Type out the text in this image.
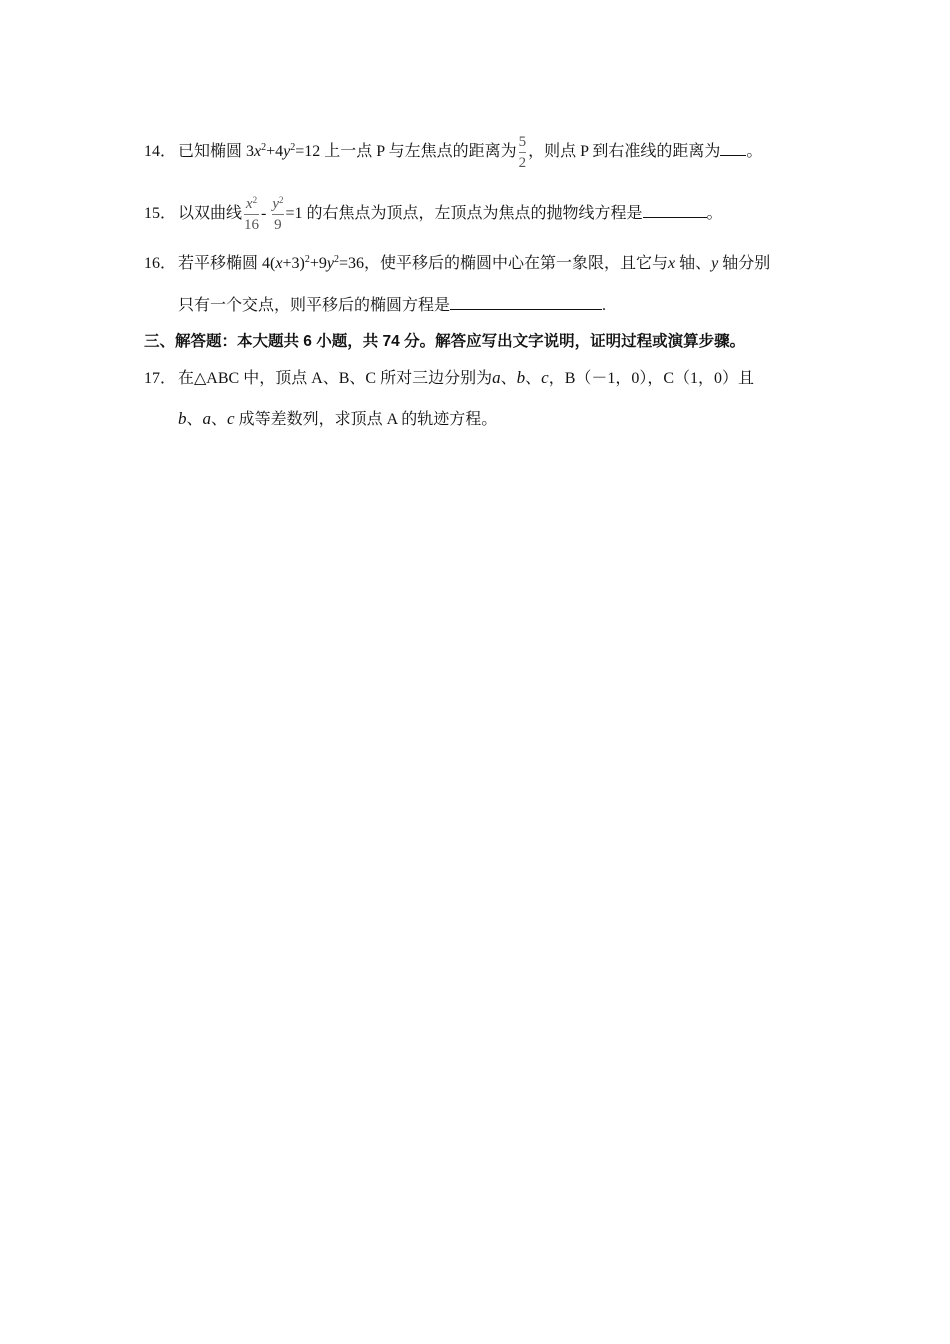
14． 已知椭圆 $3x^2+4y^2=12$ 上一点 P 与左焦点的距离为 $\frac{5}{2}$ ，则点 P 到右准线的距离为 。
15． 以双曲线 $\frac{x^2}{16} - \frac{y^2}{9} =1$ 的右焦点为顶点，左顶点为焦点的抛物线方程是	。
16． 若平移椭圆 $4(x+3)^2+9y^2=36$，使平移后的椭圆中心在第一象限，且它与x 轴、y 轴分别
只有一个交点，则平移后的椭圆方程是	.
三、解答题：本大题共 6 小题，共 74 分。解答应写出文字说明，证明过程或演算步骤。
17． 在△ABC 中，顶点 A、B、C 所对三边分别为a、b、c，B（－1，0），C（1，0）且
b、a、c 成等差数列，求顶点 A 的轨迹方程。
